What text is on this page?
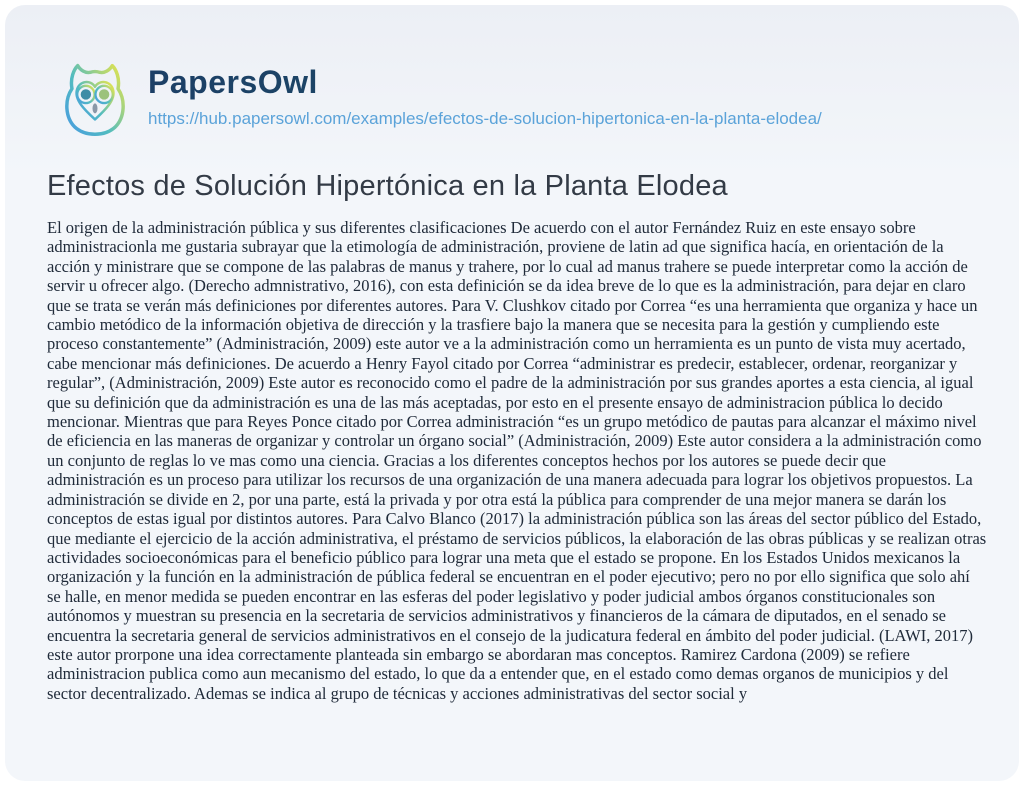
PapersOwl
https://hub.papersowl.com/examples/efectos-de-solucion-hipertonica-en-la-planta-elodea/
Efectos de Solución Hipertónica en la Planta Elodea

El origen de la administración pública y sus diferentes clasificaciones De acuerdo con el autor Fernández Ruiz en este ensayo sobre administracionla me gustaria subrayar que la etimología de administración, proviene de latin ad que significa hacía, en orientación de la acción y ministrare que se compone de las palabras de manus y trahere, por lo cual ad manus trahere se puede interpretar como la acción de servir u ofrecer algo. (Derecho admnistrativo, 2016), con esta definición se da idea breve de lo que es la administración, para dejar en claro que se trata se verán más definiciones por diferentes autores. Para V. Clushkov citado por Correa “es una herramienta que organiza y hace un cambio metódico de la información objetiva de dirección y la trasfiere bajo la manera que se necesita para la gestión y cumpliendo este proceso constantemente” (Administración, 2009) este autor ve a la administración como un herramienta es un punto de vista muy acertado, cabe mencionar más definiciones. De acuerdo a Henry Fayol citado por Correa “administrar es predecir, establecer, ordenar, reorganizar y regular”, (Administración, 2009) Este autor es reconocido como el padre de la administración por sus grandes aportes a esta ciencia, al igual que su definición que da administración es una de las más aceptadas, por esto en el presente ensayo de administracion pública lo decido mencionar. Mientras que para Reyes Ponce citado por Correa administración “es un grupo metódico de pautas para alcanzar el máximo nivel de eficiencia en las maneras de organizar y controlar un órgano social” (Administración, 2009) Este autor considera a la administración como un conjunto de reglas lo ve mas como una ciencia. Gracias a los diferentes conceptos hechos por los autores se puede decir que administración es un proceso para utilizar los recursos de una organización de una manera adecuada para lograr los objetivos propuestos. La administración se divide en 2, por una parte, está la privada y por otra está la pública para comprender de una mejor manera se darán los conceptos de estas igual por distintos autores. Para Calvo Blanco (2017) la administración pública son las áreas del sector público del Estado, que mediante el ejercicio de la acción administrativa, el préstamo de servicios públicos, la elaboración de las obras públicas y se realizan otras actividades socioeconómicas para el beneficio público para lograr una meta que el estado se propone. En los Estados Unidos mexicanos la organización y la función en la administración de pública federal se encuentran en el poder ejecutivo; pero no por ello significa que solo ahí se halle, en menor medida se pueden encontrar en las esferas del poder legislativo y poder judicial ambos órganos constitucionales son autónomos y muestran su presencia en la secretaria de servicios administrativos y financieros de la cámara de diputados, en el senado se encuentra la secretaria general de servicios administrativos en el consejo de la judicatura federal en ámbito del poder judicial. (LAWI, 2017) este autor prorpone una idea correctamente planteada sin embargo se abordaran mas conceptos. Ramirez Cardona (2009) se refiere administracion publica como aun mecanismo del estado, lo que da a entender que, en el estado como demas organos de municipios y del sector decentralizado. Ademas se indica al grupo de técnicas y acciones administrativas del sector social y
